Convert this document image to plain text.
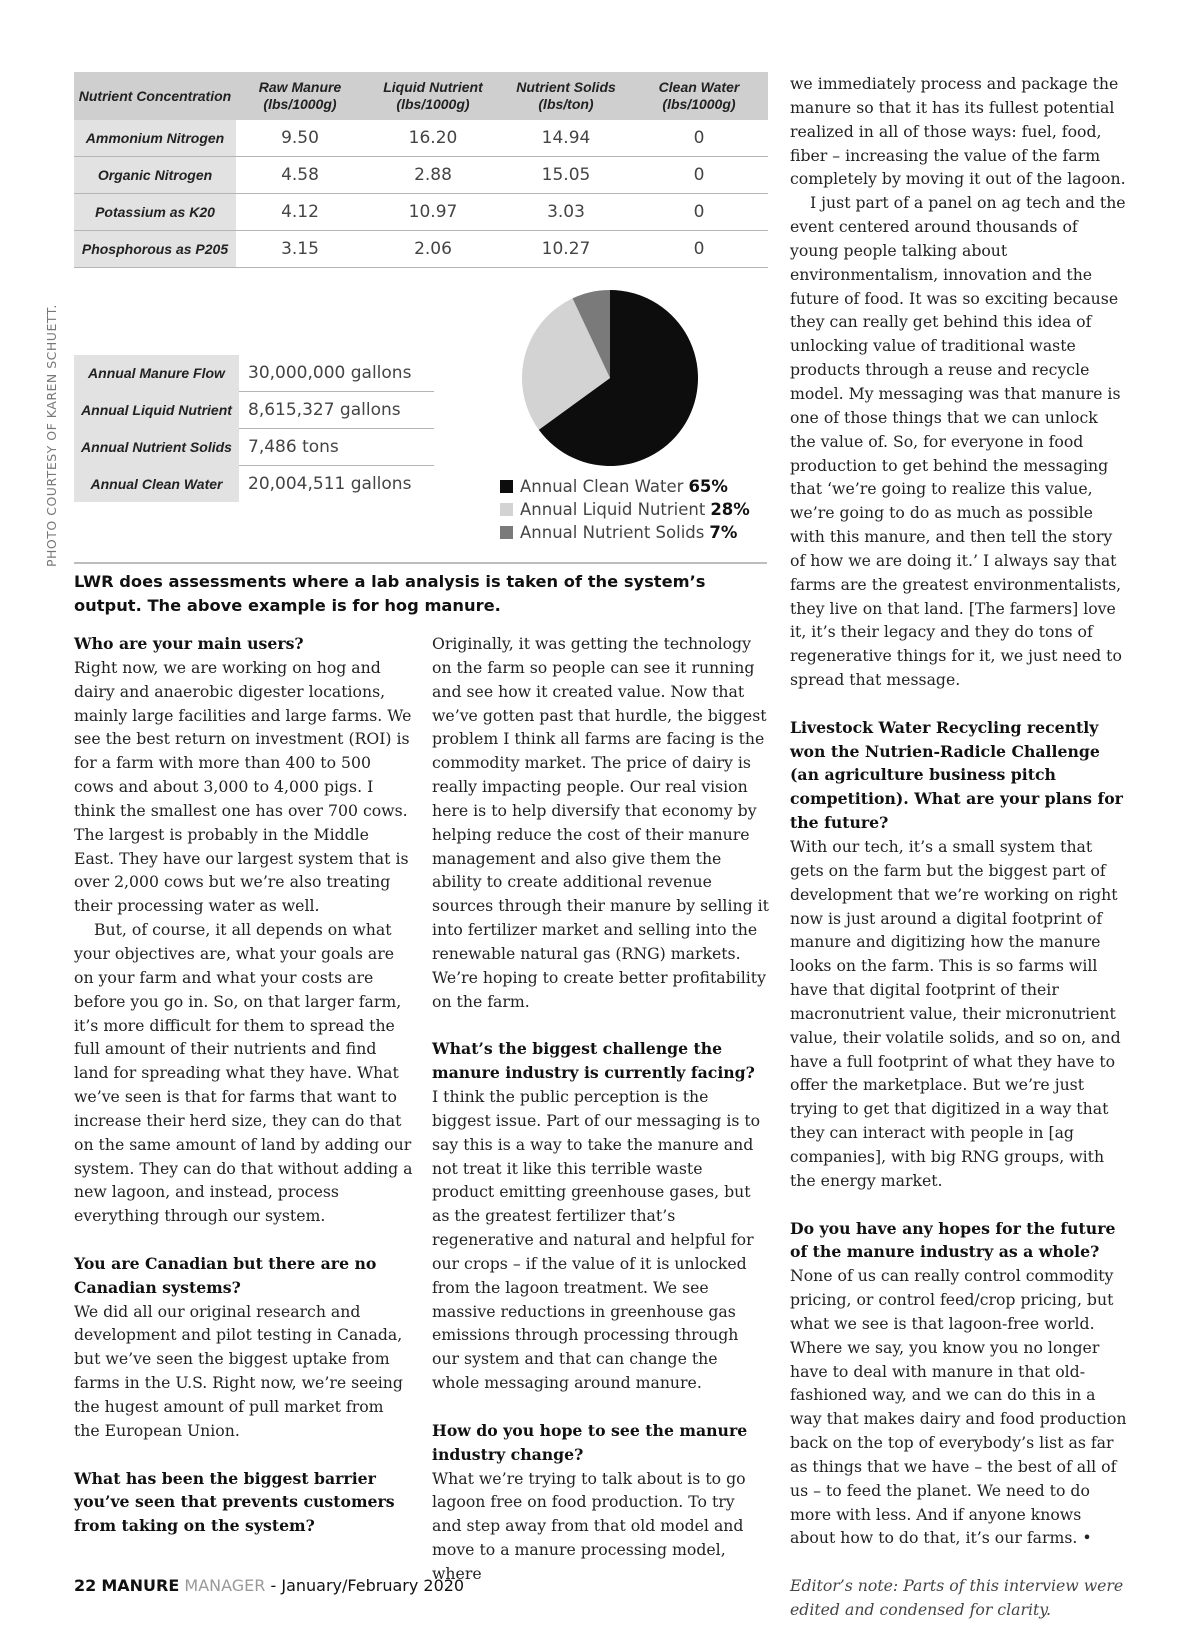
Nutrient Concentration	Raw Manure (lbs/1000g)	Liquid Nutrient (lbs/1000g)	Nutrient Solids (lbs/ton)	Clean Water (lbs/1000g)
Ammonium Nitrogen	9.50	16.20	14.94	0
Organic Nitrogen	4.58	2.88	15.05	0
Potassium as K20	4.12	10.97	3.03	0
Phosphorous as P205	3.15	2.06	10.27	0
PHOTO COURTESY OF KAREN SCHUETT. Annual Manure Flow	30,000,000 gallons
Annual Liquid Nutrient	8,615,327 gallons
Annual Nutrient Solids	7,486 tons
Annual Clean Water	20,004,511 gallons	Annual Clean Water 65%
Annual Liquid Nutrient 28%
Annual Nutrient Solids 7%
LWR does assessments where a lab analysis is taken of the system’s output. The above example is for hog manure.

Who are your main users?

Right now, we are working on hog and dairy and anaerobic digester locations, mainly large facilities and large farms. We see the best return on investment (ROI) is for a farm with more than 400 to 500 cows and about 3,000 to 4,000 pigs. I think the smallest one has over 700 cows. The largest is probably in the Middle East. They have our largest system that is over 2,000 cows but we’re also treating their processing water as well.

But, of course, it all depends on what your objectives are, what your goals are on your farm and what your costs are before you go in. So, on that larger farm, it’s more difficult for them to spread the full amount of their nutrients and find land for spreading what they have. What we’ve seen is that for farms that want to increase their herd size, they can do that on the same amount of land by adding our system. They can do that without adding a new lagoon, and instead, process everything through our system.

You are Canadian but there are no Canadian systems?

We did all our original research and development and pilot testing in Canada, but we’ve seen the biggest uptake from farms in the U.S. Right now, we’re seeing the hugest amount of pull market from the European Union.

What has been the biggest barrier you’ve seen that prevents customers from taking on the system?

Originally, it was getting the technology on the farm so people can see it running and see how it created value. Now that we’ve gotten past that hurdle, the biggest problem I think all farms are facing is the commodity market. The price of dairy is really impacting people. Our real vision here is to help diversify that economy by helping reduce the cost of their manure management and also give them the ability to create additional revenue sources through their manure by selling it into fertilizer market and selling into the renewable natural gas (RNG) markets. We’re hoping to create better profitability on the farm.

What’s the biggest challenge the manure industry is currently facing?

I think the public perception is the biggest issue. Part of our messaging is to say this is a way to take the manure and not treat it like this terrible waste product emitting greenhouse gases, but as the greatest fertilizer that’s regenerative and natural and helpful for our crops – if the value of it is unlocked from the lagoon treatment. We see massive reductions in greenhouse gas emissions through processing through our system and that can change the whole messaging around manure.

How do you hope to see the manure industry change?

What we’re trying to talk about is to go lagoon free on food production. To try and step away from that old model and move to a manure processing model, where

we immediately process and package the manure so that it has its fullest potential realized in all of those ways: fuel, food, fiber – increasing the value of the farm completely by moving it out of the lagoon.

I just part of a panel on ag tech and the event centered around thousands of young people talking about environmentalism, innovation and the future of food. It was so exciting because they can really get behind this idea of unlocking value of traditional waste products through a reuse and recycle model. My messaging was that manure is one of those things that we can unlock the value of. So, for everyone in food production to get behind the messaging that ‘we’re going to realize this value, we’re going to do as much as possible with this manure, and then tell the story of how we are doing it.’ I always say that farms are the greatest environmentalists, they live on that land. [The farmers] love it, it’s their legacy and they do tons of regenerative things for it, we just need to spread that message.

Livestock Water Recycling recently won the Nutrien-Radicle Challenge (an agriculture business pitch competition). What are your plans for the future?

With our tech, it’s a small system that gets on the farm but the biggest part of development that we’re working on right now is just around a digital footprint of manure and digitizing how the manure looks on the farm. This is so farms will have that digital footprint of their macronutrient value, their micronutrient value, their volatile solids, and so on, and have a full footprint of what they have to offer the marketplace. But we’re just trying to get that digitized in a way that they can interact with people in [ag companies], with big RNG groups, with the energy market.

Do you have any hopes for the future of the manure industry as a whole?

None of us can really control commodity pricing, or control feed/crop pricing, but what we see is that lagoon-free world. Where we say, you know you no longer have to deal with manure in that old-fashioned way, and we can do this in a way that makes dairy and food production back on the top of everybody’s list as far as things that we have – the best of all of us – to feed the planet. We need to do more with less. And if anyone knows about how to do that, it’s our farms. •

Editor’s note: Parts of this interview were edited and condensed for clarity.

22 MANURE MANAGER - January/February 2020
